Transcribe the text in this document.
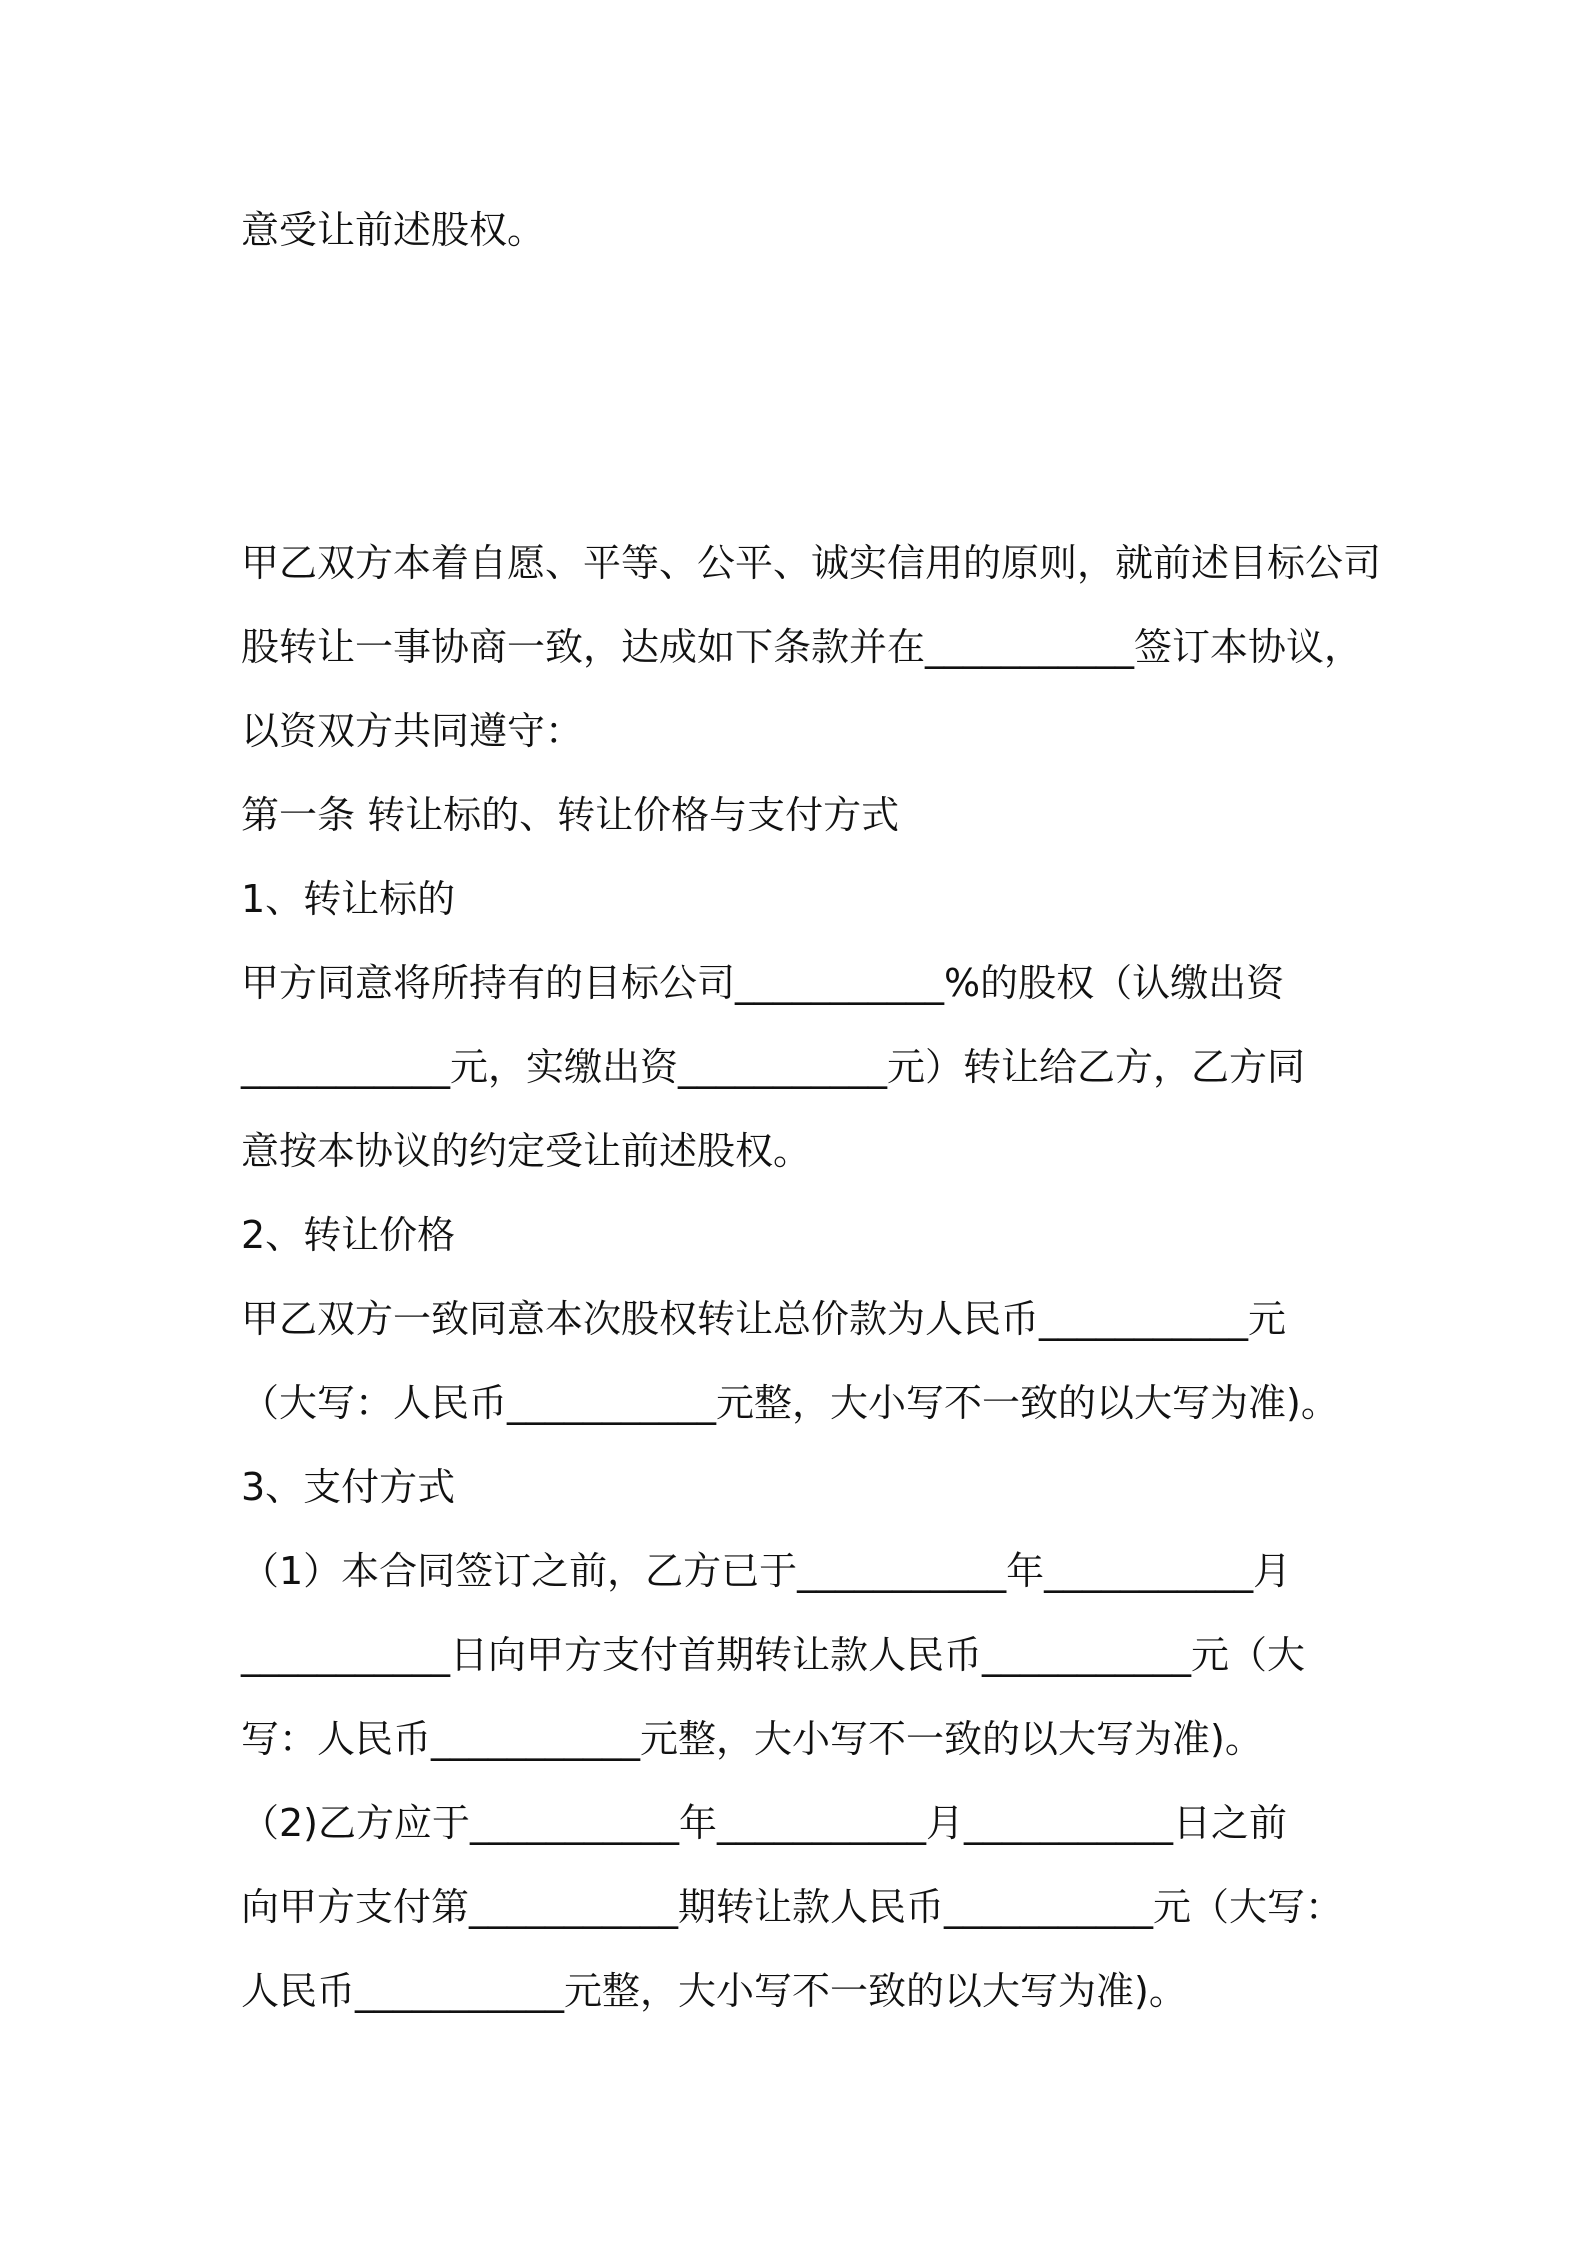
意受让前述股权。
甲乙双方本着自愿、平等、公平、诚实信用的原则，就前述目标公司
股转让一事协商一致，达成如下条款并在___________签订本协议，
以资双方共同遵守：
第一条 转让标的、转让价格与支付方式
1、转让标的
甲方同意将所持有的目标公司___________%的股权（认缴出资
___________元，实缴出资___________元）转让给乙方，乙方同
意按本协议的约定受让前述股权。
2、转让价格
甲乙双方一致同意本次股权转让总价款为人民币___________元
（大写：人民币___________元整，大小写不一致的以大写为准)。
3、支付方式
（1）本合同签订之前，乙方已于___________年___________月
___________日向甲方支付首期转让款人民币___________元（大
写：人民币___________元整，大小写不一致的以大写为准)。
（2)乙方应于___________年___________月___________日之前
向甲方支付第___________期转让款人民币___________元（大写：
人民币___________元整，大小写不一致的以大写为准)。
